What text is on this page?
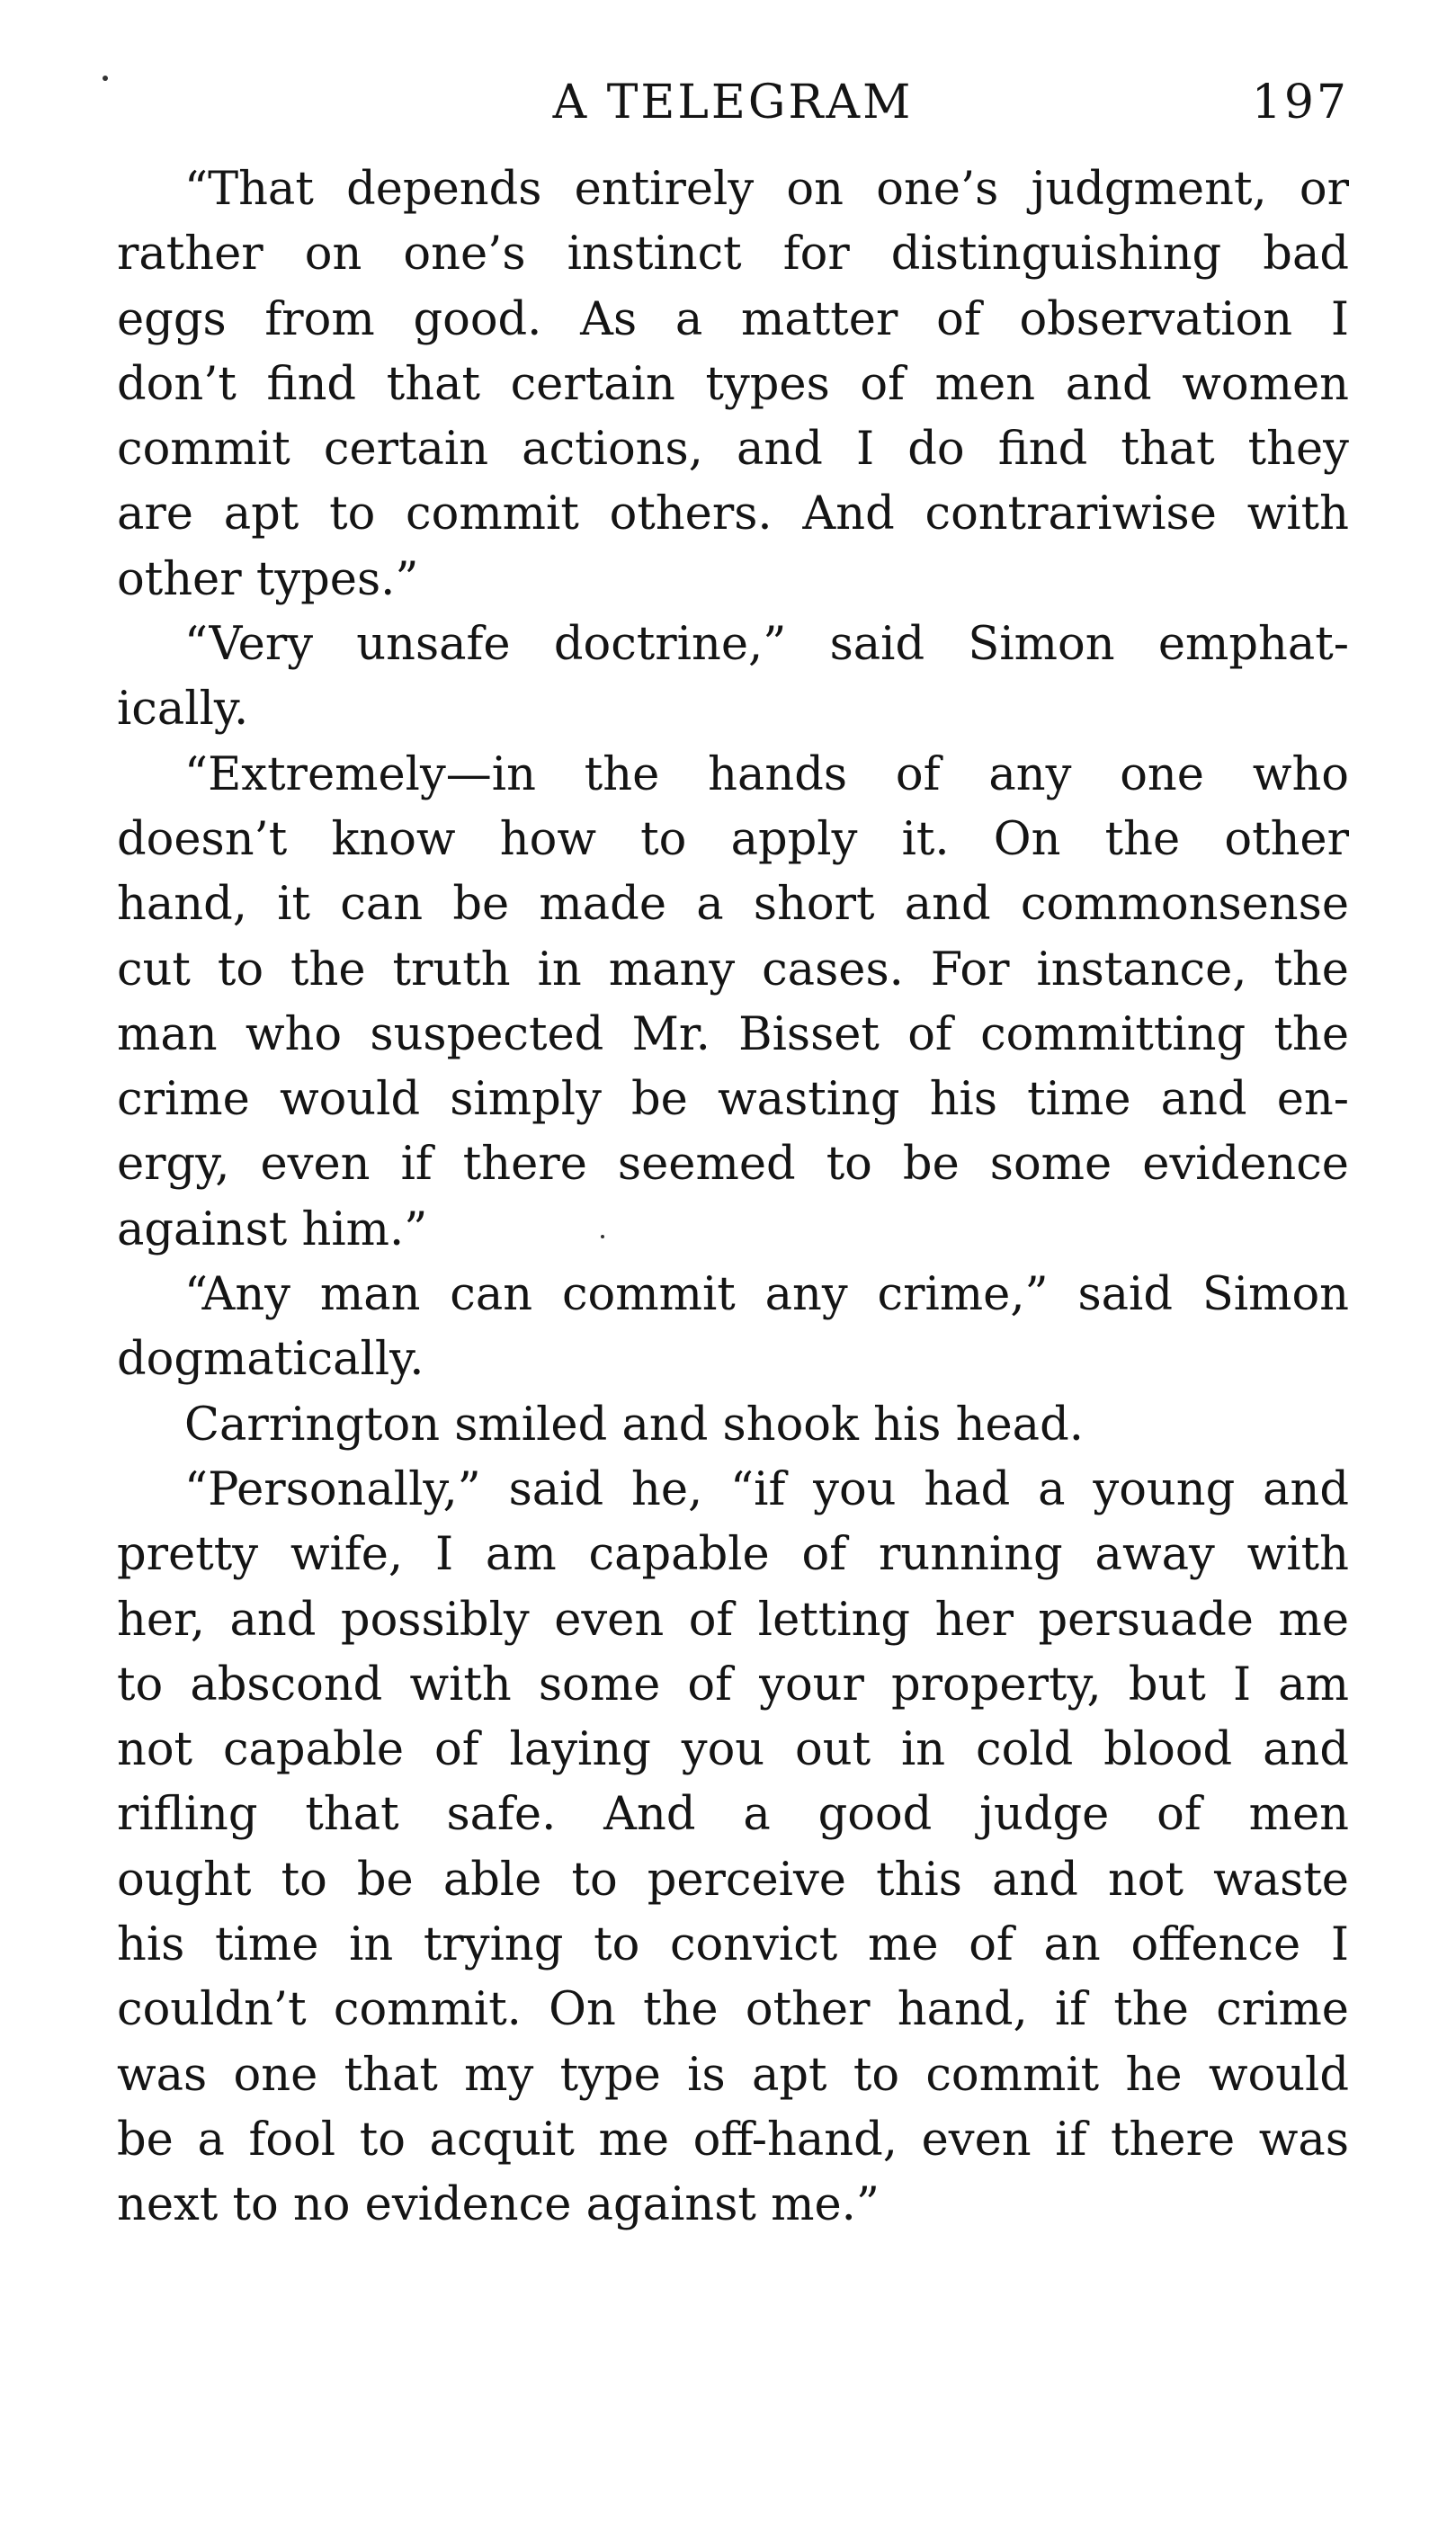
A TELEGRAM	197
“That depends entirely on one’s judgment, or
rather on one’s instinct for distinguishing bad
eggs from good. As a matter of observation I
don’t find that certain types of men and women
commit certain actions, and I do find that they
are apt to commit others. And contrariwise with
other types.”
“Very unsafe doctrine,” said Simon emphat-
ically.
“Extremely—in the hands of any one who
doesn’t know how to apply it. On the other
hand, it can be made a short and commonsense
cut to the truth in many cases. For instance, the
man who suspected Mr. Bisset of committing the
crime would simply be wasting his time and en-
ergy, even if there seemed to be some evidence
against him.”
“Any man can commit any crime,” said Simon
dogmatically.
Carrington smiled and shook his head.
“Personally,” said he, “if you had a young and
pretty wife, I am capable of running away with
her, and possibly even of letting her persuade me
to abscond with some of your property, but I am
not capable of laying you out in cold blood and
rifling that safe. And a good judge of men
ought to be able to perceive this and not waste
his time in trying to convict me of an offence I
couldn’t commit. On the other hand, if the crime
was one that my type is apt to commit he would
be a fool to acquit me off-hand, even if there was
next to no evidence against me.”
